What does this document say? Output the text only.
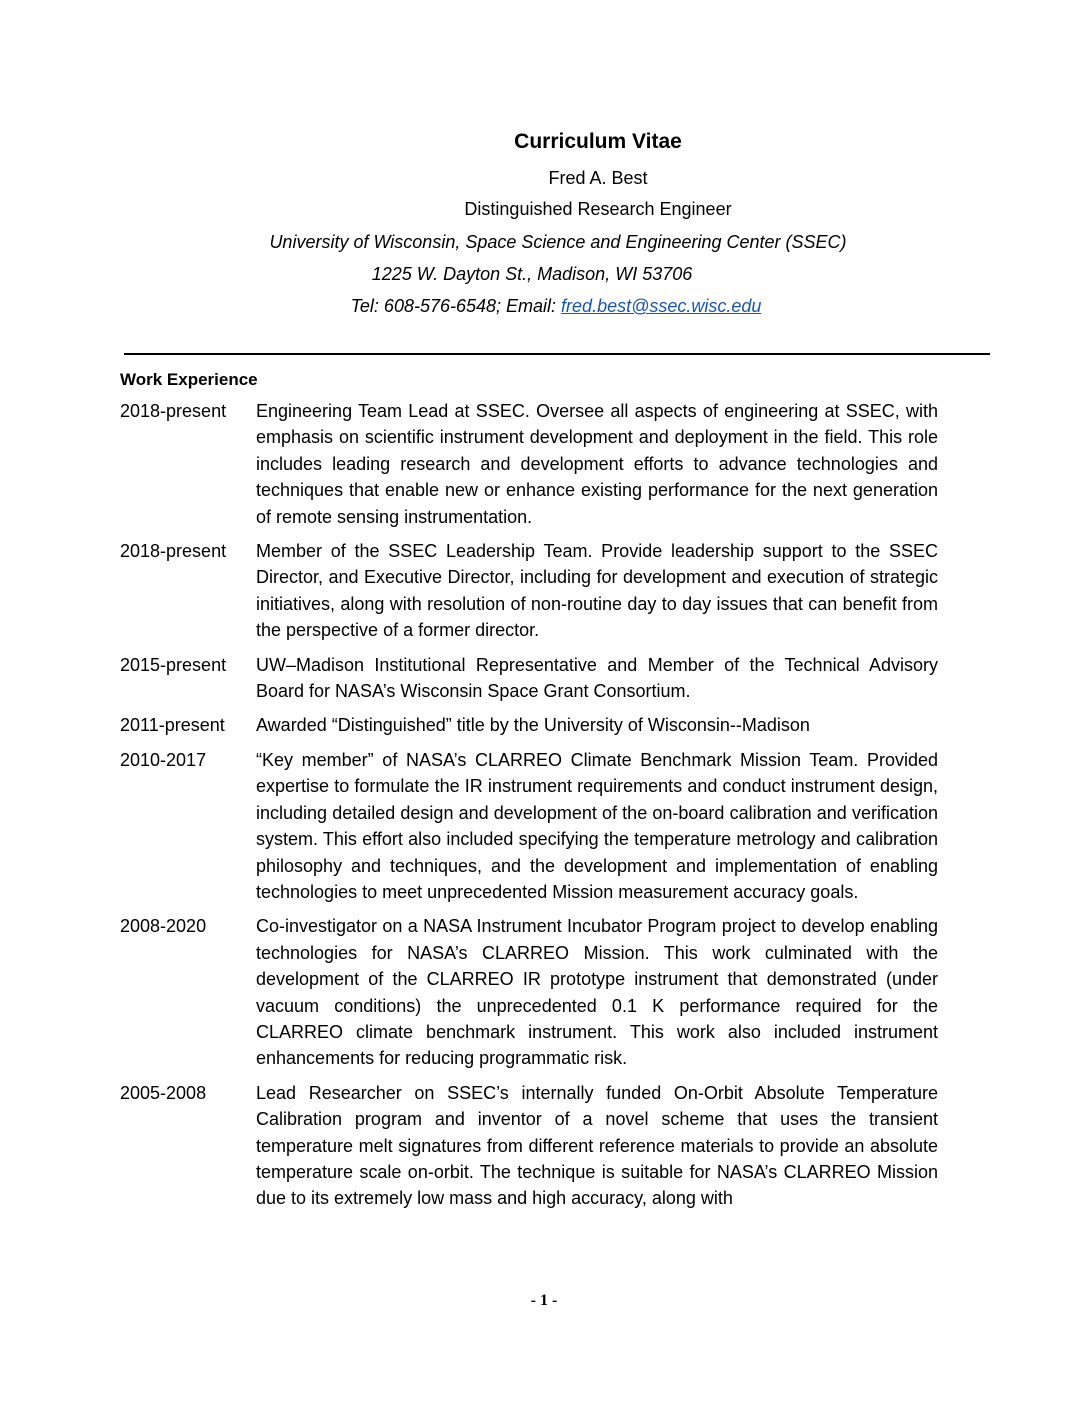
Curriculum Vitae
Fred A. Best
Distinguished Research Engineer
University of Wisconsin, Space Science and Engineering Center (SSEC)
1225 W. Dayton St., Madison, WI 53706
Tel: 608-576-6548; Email: fred.best@ssec.wisc.edu
Work Experience
2018-present	Engineering Team Lead at SSEC. Oversee all aspects of engineering at SSEC, with emphasis on scientific instrument development and deployment in the field. This role includes leading research and development efforts to advance technologies and techniques that enable new or enhance existing performance for the next generation of remote sensing instrumentation.
2018-present	Member of the SSEC Leadership Team. Provide leadership support to the SSEC Director, and Executive Director, including for development and execution of strategic initiatives, along with resolution of non-routine day to day issues that can benefit from the perspective of a former director.
2015-present	UW–Madison Institutional Representative and Member of the Technical Advisory Board for NASA’s Wisconsin Space Grant Consortium.
2011-present	Awarded “Distinguished” title by the University of Wisconsin--Madison
2010-2017	“Key member” of NASA’s CLARREO Climate Benchmark Mission Team. Provided expertise to formulate the IR instrument requirements and conduct instrument design, including detailed design and development of the on-board calibration and verification system. This effort also included specifying the temperature metrology and calibration philosophy and techniques, and the development and implementation of enabling technologies to meet unprecedented Mission measurement accuracy goals.
2008-2020	Co-investigator on a NASA Instrument Incubator Program project to develop enabling technologies for NASA’s CLARREO Mission. This work culminated with the development of the CLARREO IR prototype instrument that demonstrated (under vacuum conditions) the unprecedented 0.1 K performance required for the CLARREO climate benchmark instrument. This work also included instrument enhancements for reducing programmatic risk.
2005-2008	Lead Researcher on SSEC’s internally funded On-Orbit Absolute Temperature Calibration program and inventor of a novel scheme that uses the transient temperature melt signatures from different reference materials to provide an absolute temperature scale on-orbit. The technique is suitable for NASA’s CLARREO Mission due to its extremely low mass and high accuracy, along with
- 1 -
